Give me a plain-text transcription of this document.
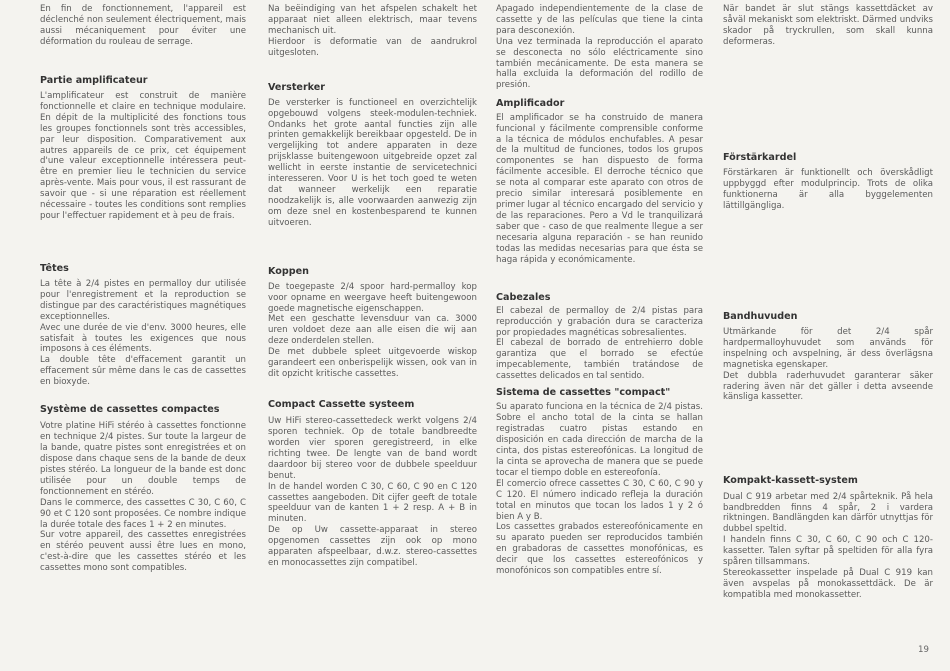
En fin de fonctionnement, l'appareil est déclenché non seulement électriquement, mais aussi mécaniquement pour éviter une déformation du rouleau de serrage.

Partie amplificateur

L'amplificateur est construit de manière fonctionnelle et claire en technique modulaire. En dépit de la multiplicité des fonctions tous les groupes fonctionnels sont très accessibles, par leur disposition. Comparativement aux autres appareils de ce prix, cet équipement d'une valeur exceptionnelle intéressera peut-être en premier lieu le technicien du service après-vente. Mais pour vous, il est rassurant de savoir que - si une réparation est réellement nécessaire - toutes les conditions sont remplies pour l'effectuer rapidement et à peu de frais.

Têtes

La tête à 2/4 pistes en permalloy dur utilisée pour l'enregistrement et la reproduction se distingue par des caractéristiques magnétiques exceptionnelles.

Avec une durée de vie d'env. 3000 heures, elle satisfait à toutes les exigences que nous imposons à ces éléments.

La double tête d'effacement garantit un effacement sûr même dans le cas de cassettes en bioxyde.

Système de cassettes compactes

Votre platine HiFi stéréo à cassettes fonctionne en technique 2/4 pistes. Sur toute la largeur de la bande, quatre pistes sont enregistrées et on dispose dans chaque sens de la bande de deux pistes stéréo. La longueur de la bande est donc utilisée pour un double temps de fonctionnement en stéréo.

Dans le commerce, des cassettes C 30, C 60, C 90 et C 120 sont proposées. Ce nombre indique la durée totale des faces 1 + 2 en minutes.

Sur votre appareil, des cassettes enregistrées en stéréo peuvent aussi être lues en mono, c'est-à-dire que les cassettes stéréo et les cassettes mono sont compatibles.

Na beëindiging van het afspelen schakelt het apparaat niet alleen elektrisch, maar tevens mechanisch uit.

Hierdoor is deformatie van de aandrukrol uitgesloten.

Versterker

De versterker is functioneel en overzichtelijk opgebouwd volgens steek-modulen-techniek. Ondanks het grote aantal functies zijn alle printen gemakkelijk bereikbaar opgesteld. De in vergelijking tot andere apparaten in deze prijsklasse buitengewoon uitgebreide opzet zal wellicht in eerste instantie de servicetechnici interesseren. Voor U is het toch goed te weten dat wanneer werkelijk een reparatie noodzakelijk is, alle voorwaarden aanwezig zijn om deze snel en kostenbesparend te kunnen uitvoeren.

Koppen

De toegepaste 2/4 spoor hard-permalloy kop voor opname en weergave heeft buitengewoon goede magnetische eigenschappen.

Met een geschatte levensduur van ca. 3000 uren voldoet deze aan alle eisen die wij aan deze onderdelen stellen.

De met dubbele spleet uitgevoerde wiskop garandeert een onberispelijk wissen, ook van in dit opzicht kritische cassettes.

Compact Cassette systeem

Uw HiFi stereo-cassettedeck werkt volgens 2/4 sporen techniek. Op de totale bandbreedte worden vier sporen geregistreerd, in elke richting twee. De lengte van de band wordt daardoor bij stereo voor de dubbele speelduur benut.

In de handel worden C 30, C 60, C 90 en C 120 cassettes aangeboden. Dit cijfer geeft de totale speelduur van de kanten 1 + 2 resp. A + B in minuten.

De op Uw cassette-apparaat in stereo opgenomen cassettes zijn ook op mono apparaten afspeelbaar, d.w.z. stereo-cassettes en monocassettes zijn compatibel.

Apagado independientemente de la clase de cassette y de las películas que tiene la cinta para desconexión.

Una vez terminada la reproducción el aparato se desconecta no sólo eléctricamente sino también mecánicamente. De esta manera se halla excluida la deformación del rodillo de presión.

Amplificador

El amplificador se ha construido de manera funcional y fácilmente comprensible conforme a la técnica de módulos enchufables. A pesar de la multitud de funciones, todos los grupos componentes se han dispuesto de forma fácilmente accesible. El derroche técnico que se nota al comparar este aparato con otros de precio similar interesará posiblemente en primer lugar al técnico encargado del servicio y de las reparaciones. Pero a Vd le tranquilizará saber que - caso de que realmente llegue a ser necesaria alguna reparación - se han reunido todas las medidas necesarias para que ésta se haga rápida y económicamente.

Cabezales

El cabezal de permalloy de 2/4 pistas para reproducción y grabación dura se caracteriza por propiedades magnéticas sobresalientes.

El cabezal de borrado de entrehierro doble garantiza que el borrado se efectúe impecablemente, también tratándose de cassettes delicados en tal sentido.

Sistema de cassettes "compact"

Su aparato funciona en la técnica de 2/4 pistas. Sobre el ancho total de la cinta se hallan registradas cuatro pistas estando en disposición en cada dirección de marcha de la cinta, dos pistas estereofónicas. La longitud de la cinta se aprovecha de manera que se puede tocar el tiempo doble en estereofonía.

El comercio ofrece cassettes C 30, C 60, C 90 y C 120. El número indicado refleja la duración total en minutos que tocan los lados 1 y 2 ó bien A y B.

Los cassettes grabados estereofónicamente en su aparato pueden ser reproducidos también en grabadoras de cassettes monofónicas, es decir que los cassettes estereofónicos y monofónicos son compatibles entre sí.

När bandet är slut stängs kassettdäcket av såväl mekaniskt som elektriskt. Därmed undviks skador på tryckrullen, som skall kunna deformeras.

Förstärkardel

Förstärkaren är funktionellt och överskådligt uppbyggd efter modulprincip. Trots de olika funktionerna är alla byggelementen lättillgängliga.

Bandhuvuden

Utmärkande för det 2/4 spår hardpermalloyhuvudet som används för inspelning och avspelning, är dess överlägsna magnetiska egenskaper.

Det dubbla raderhuvudet garanterar säker radering även när det gäller i detta avseende känsliga kassetter.

Kompakt-kassett-system

Dual C 919 arbetar med 2/4 spårteknik. På hela bandbredden finns 4 spår, 2 i vardera riktningen. Bandlängden kan därför utnyttjas för dubbel speltid.

I handeln finns C 30, C 60, C 90 och C 120-kassetter. Talen syftar på speltiden för alla fyra spåren tillsammans.

Stereokassetter inspelade på Dual C 919 kan även avspelas på monokassettdäck. De är kompatibla med monokassetter.

19
